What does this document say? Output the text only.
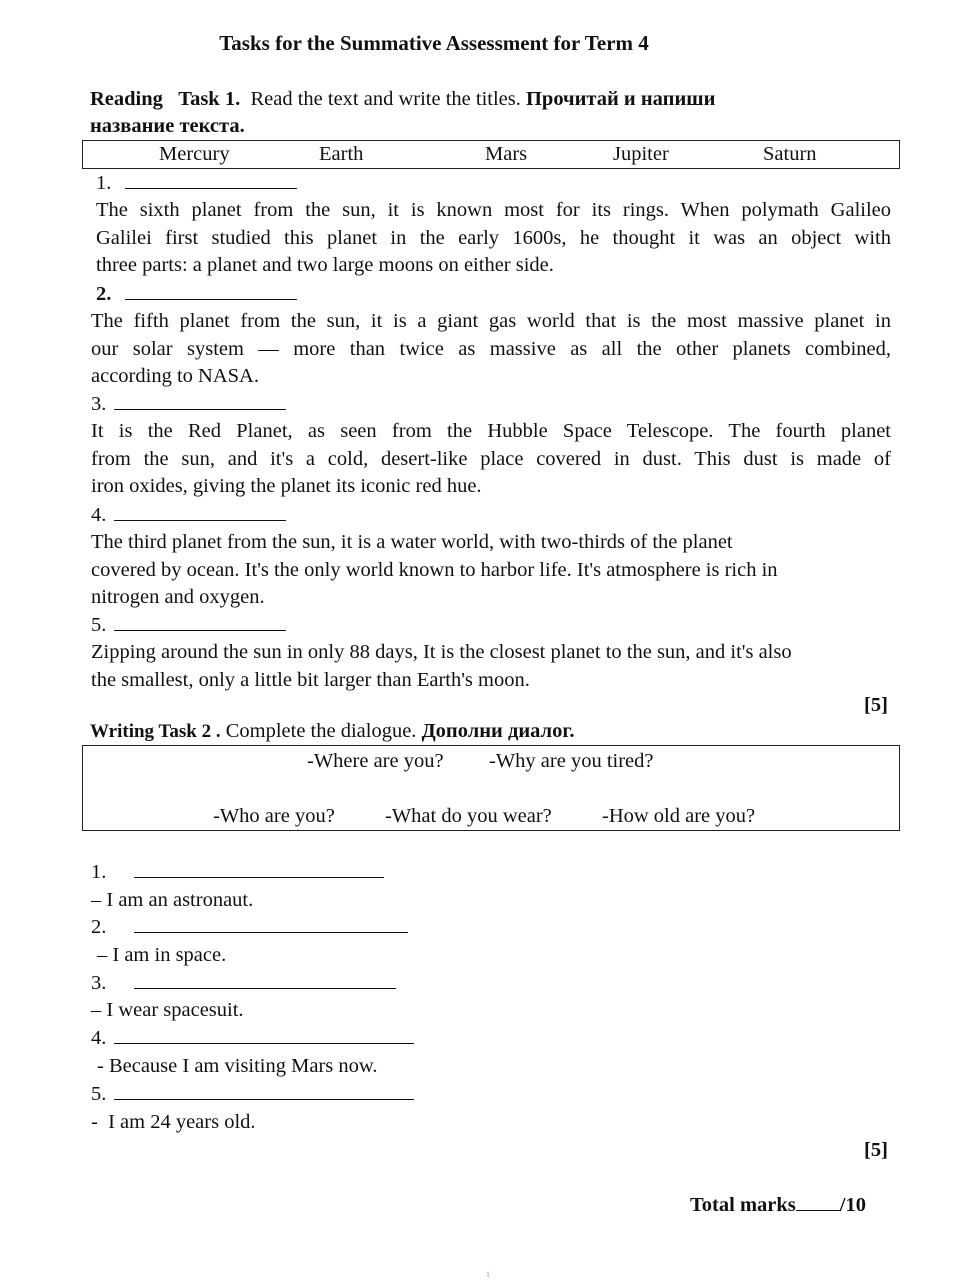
Tasks for the Summative Assessment for Term 4
Reading Task 1. Read the text and write the titles. Прочитай и напиши
название текста.
Mercury	Earth	Mars	Jupiter	Saturn
1.
The sixth planet from the sun, it is known most for its rings. When polymath Galileo
Galilei first studied this planet in the early 1600s, he thought it was an object with
three parts: a planet and two large moons on either side.
2.
The fifth planet from the sun, it is a giant gas world that is the most massive planet in
our solar system — more than twice as massive as all the other planets combined,
according to NASA.
3.
It is the Red Planet, as seen from the Hubble Space Telescope. The fourth planet
from the sun, and it's a cold, desert-like place covered in dust. This dust is made of
iron oxides, giving the planet its iconic red hue.
4.
The third planet from the sun, it is a water world, with two-thirds of the planet
covered by ocean. It's the only world known to harbor life. It's atmosphere is rich in
nitrogen and oxygen.
5.
Zipping around the sun in only 88 days, It is the closest planet to the sun, and it's also
the smallest, only a little bit larger than Earth's moon.
[5]
Writing Task 2 . Complete the dialogue. Дополни диалог.
-Where are you? -Why are you tired?
-Who are you? -What do you wear? -How old are you?
1.
– I am an astronaut.
2.
– I am in space.
3.
– I wear spacesuit.
4.
- Because I am visiting Mars now.
5.
-  I am 24 years old.
[5]
Total marks /10
1
